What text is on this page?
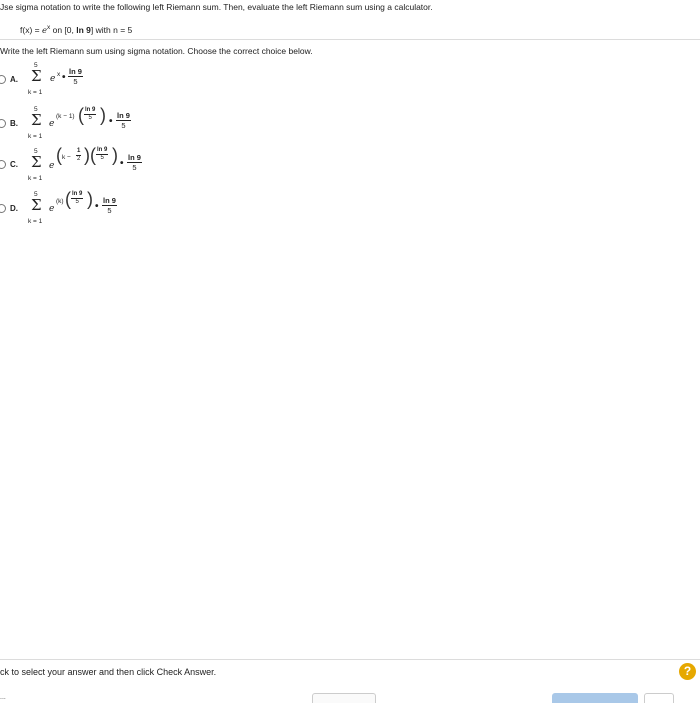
Jse sigma notation to write the following left Riemann sum. Then, evaluate the left Riemann sum using a calculator.
$f(x) = e^x$ on [0, ln 9] with n = 5
Write the left Riemann sum using sigma notation. Choose the correct choice below.
A.
5
Σ
k = 1
e x • $\frac{\ln 9}{5}$
B.
5
Σ
k = 1
e
(k − 1) ( $\frac{\ln 9}{5}$ ) • $\frac{\ln 9}{5}$
C.
5
Σ
k = 1
e
( $k - \frac{1}{2}$ ) ( $\frac{\ln 9}{5}$ ) • $\frac{\ln 9}{5}$
D.
5
Σ
k = 1
e
(k) ( $\frac{\ln 9}{5}$ ) • $\frac{\ln 9}{5}$
ck to select your answer and then click Check Answer.	?
...
